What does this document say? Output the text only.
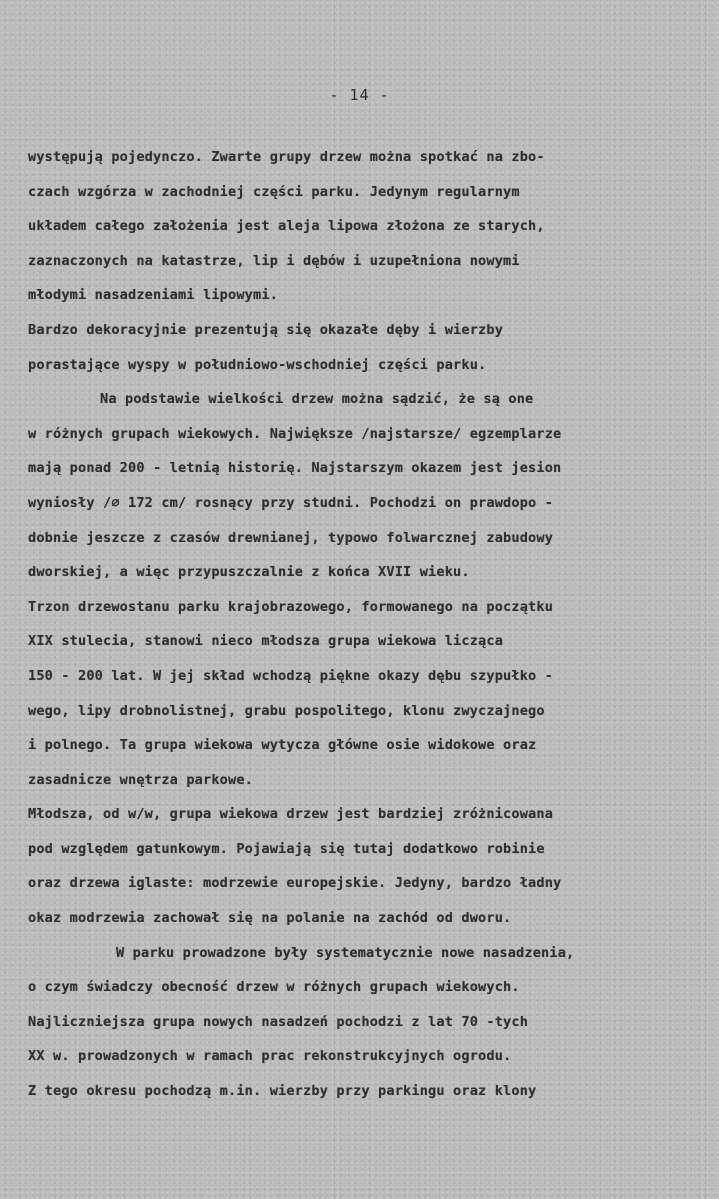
- 14 -
występują pojedynczo. Zwarte grupy drzew można spotkać na zbo-
czach wzgórza w zachodniej części parku. Jedynym regularnym
układem całego założenia jest aleja lipowa złożona ze starych,
zaznaczonych na katastrze, lip i dębów i uzupełniona nowymi
młodymi nasadzeniami lipowymi.
Bardzo dekoracyjnie prezentują się okazałe dęby i wierzby
porastające wyspy w południowo-wschodniej części parku.
Na podstawie wielkości drzew można sądzić, że są one
w różnych grupach wiekowych. Największe /najstarsze/ egzemplarze
mają ponad 200 - letnią historię. Najstarszym okazem jest jesion
wyniosły /∅ 172 cm/ rosnący przy studni. Pochodzi on prawdopo -
dobnie jeszcze z czasów drewnianej, typowo folwarcznej zabudowy
dworskiej, a więc przypuszczalnie z końca XVII wieku.
Trzon drzewostanu parku krajobrazowego, formowanego na początku
XIX stulecia, stanowi nieco młodsza grupa wiekowa licząca
150 - 200 lat. W jej skład wchodzą piękne okazy dębu szypułko -
wego, lipy drobnolistnej, grabu pospolitego, klonu zwyczajnego
i polnego. Ta grupa wiekowa wytycza główne osie widokowe oraz
zasadnicze wnętrza parkowe.
Młodsza, od w/w, grupa wiekowa drzew jest bardziej zróżnicowana
pod względem gatunkowym. Pojawiają się tutaj dodatkowo robinie
oraz drzewa iglaste: modrzewie europejskie. Jedyny, bardzo ładny
okaz modrzewia zachował się na polanie na zachód od dworu.
W parku prowadzone były systematycznie nowe nasadzenia,
o czym świadczy obecność drzew w różnych grupach wiekowych.
Najliczniejsza grupa nowych nasadzeń pochodzi z lat 70 -tych
XX w. prowadzonych w ramach prac rekonstrukcyjnych ogrodu.
Z tego okresu pochodzą m.in. wierzby przy parkingu oraz klony
